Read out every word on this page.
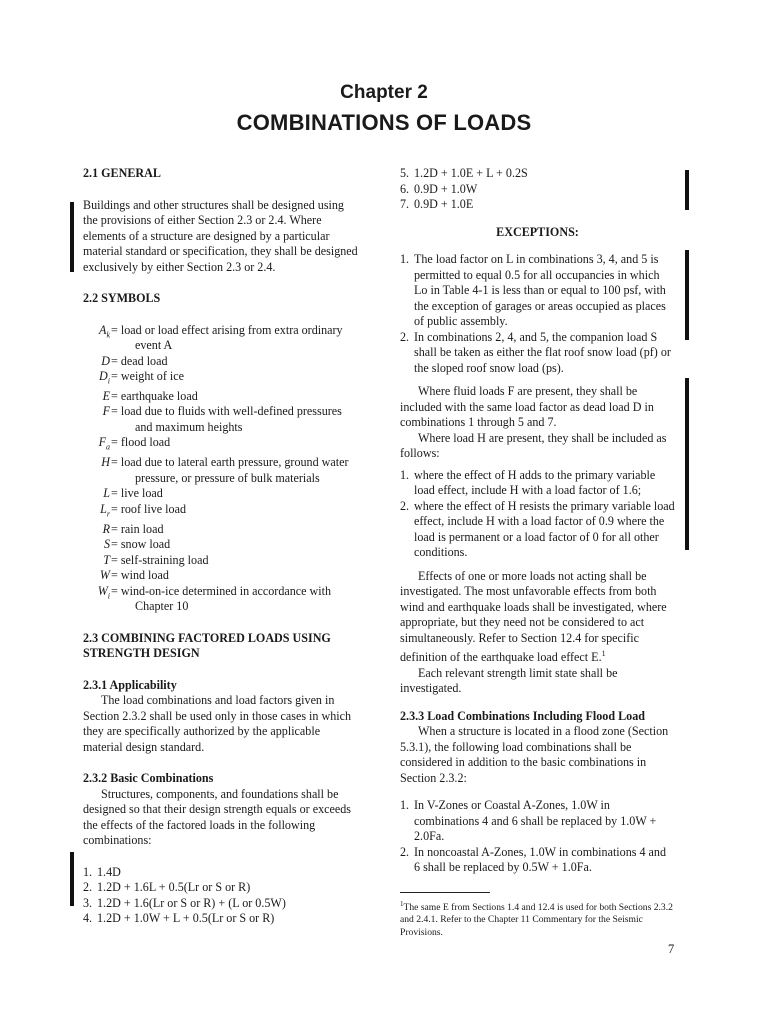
Chapter 2
COMBINATIONS OF LOADS

2.1 GENERAL

Buildings and other structures shall be designed using the provisions of either Section 2.3 or 2.4. Where elements of a structure are designed by a particular material standard or specification, they shall be designed exclusively by either Section 2.3 or 2.4.

2.2 SYMBOLS

$A_k$ = load or load effect arising from extra ordinary
event A
D = dead load
$D_i$ = weight of ice
E = earthquake load
F = load due to fluids with well-defined pressures
and maximum heights
$F_a$ = flood load
H = load due to lateral earth pressure, ground water
pressure, or pressure of bulk materials
L = live load
$L_r$ = roof live load
R = rain load
S = snow load
T = self-straining load
W = wind load
$W_i$ = wind-on-ice determined in accordance with
Chapter 10

2.3 COMBINING FACTORED LOADS USING STRENGTH DESIGN

2.3.1 Applicability

The load combinations and load factors given in Section 2.3.2 shall be used only in those cases in which they are specifically authorized by the applicable material design standard.

2.3.2 Basic Combinations

Structures, components, and foundations shall be designed so that their design strength equals or exceeds the effects of the factored loads in the following combinations:

1. 1.4D
2. 1.2D + 1.6L + 0.5(Lr or S or R)
3. 1.2D + 1.6(Lr or S or R) + (L or 0.5W)
4. 1.2D + 1.0W + L + 0.5(Lr or S or R)
5. 1.2D + 1.0E + L + 0.2S
6. 0.9D + 1.0W
7. 0.9D + 1.0E

EXCEPTIONS:

1. The load factor on L in combinations 3, 4, and 5 is permitted to equal 0.5 for all occupancies in which Lo in Table 4-1 is less than or equal to 100 psf, with the exception of garages or areas occupied as places of public assembly.
2. In combinations 2, 4, and 5, the companion load S shall be taken as either the flat roof snow load (pf) or the sloped roof snow load (ps).

Where fluid loads F are present, they shall be included with the same load factor as dead load D in combinations 1 through 5 and 7.

Where load H are present, they shall be included as follows:

1. where the effect of H adds to the primary variable load effect, include H with a load factor of 1.6;
2. where the effect of H resists the primary variable load effect, include H with a load factor of 0.9 where the load is permanent or a load factor of 0 for all other conditions.

Effects of one or more loads not acting shall be investigated. The most unfavorable effects from both wind and earthquake loads shall be investigated, where appropriate, but they need not be considered to act simultaneously. Refer to Section 12.4 for specific definition of the earthquake load effect E.$^1$

Each relevant strength limit state shall be investigated.

2.3.3 Load Combinations Including Flood Load

When a structure is located in a flood zone (Section 5.3.1), the following load combinations shall be considered in addition to the basic combinations in Section 2.3.2:

1. In V-Zones or Coastal A-Zones, 1.0W in combinations 4 and 6 shall be replaced by 1.0W + 2.0Fa.
2. In noncoastal A-Zones, 1.0W in combinations 4 and 6 shall be replaced by 0.5W + 1.0Fa.

$^1$The same E from Sections 1.4 and 12.4 is used for both Sections 2.3.2 and 2.4.1. Refer to the Chapter 11 Commentary for the Seismic Provisions.

7
